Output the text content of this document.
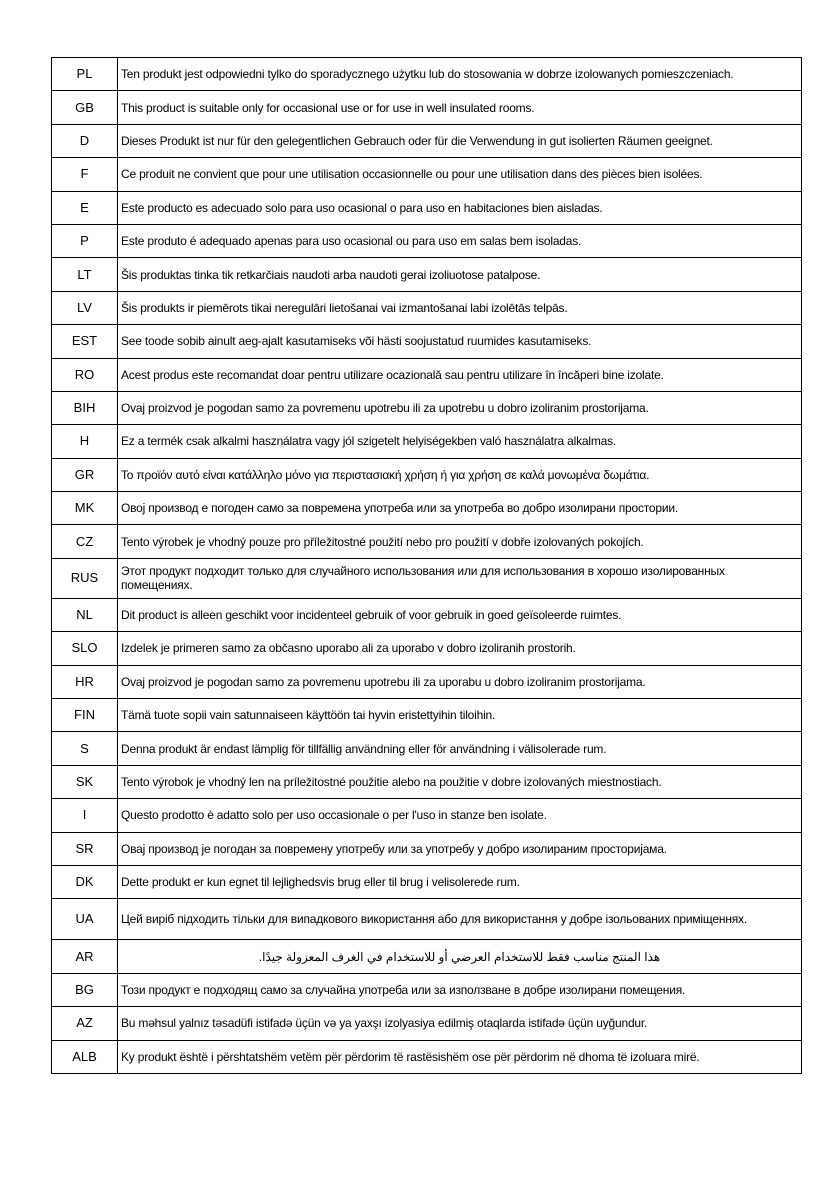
PL	Ten produkt jest odpowiedni tylko do sporadycznego użytku lub do stosowania w dobrze izolowanych pomieszczeniach.
GB	This product is suitable only for occasional use or for use in well insulated rooms.
D	Dieses Produkt ist nur für den gelegentlichen Gebrauch oder für die Verwendung in gut isolierten Räumen geeignet.
F	Ce produit ne convient que pour une utilisation occasionnelle ou pour une utilisation dans des pièces bien isolées.
E	Este producto es adecuado solo para uso ocasional o para uso en habitaciones bien aisladas.
P	Este produto é adequado apenas para uso ocasional ou para uso em salas bem isoladas.
LT	Šis produktas tinka tik retkarčiais naudoti arba naudoti gerai izoliuotose patalpose.
LV	Šis produkts ir piemērots tikai neregulāri lietošanai vai izmantošanai labi izolētās telpās.
EST	See toode sobib ainult aeg-ajalt kasutamiseks või hästi soojustatud ruumides kasutamiseks.
RO	Acest produs este recomandat doar pentru utilizare ocazională sau pentru utilizare în încăperi bine izolate.
BIH	Ovaj proizvod je pogodan samo za povremenu upotrebu ili za upotrebu u dobro izoliranim prostorijama.
H	Ez a termék csak alkalmi használatra vagy jól szigetelt helyiségekben való használatra alkalmas.
GR	Το προϊόν αυτό είναι κατάλληλο μόνο για περιστασιακή χρήση ή για χρήση σε καλά μονωμένα δωμάτια.
MK	Овој производ е погоден само за повремена употреба или за употреба во добро изолирани простории.
CZ	Tento výrobek je vhodný pouze pro příležitostné použití nebo pro použití v dobře izolovaných pokojích.
RUS	Этот продукт подходит только для случайного использования или для использования в хорошо изолированных помещениях.
NL	Dit product is alleen geschikt voor incidenteel gebruik of voor gebruik in goed geïsoleerde ruimtes.
SLO	Izdelek je primeren samo za občasno uporabo ali za uporabo v dobro izoliranih prostorih.
HR	Ovaj proizvod je pogodan samo za povremenu upotrebu ili za uporabu u dobro izoliranim prostorijama.
FIN	Tämä tuote sopii vain satunnaiseen käyttöön tai hyvin eristettyihin tiloihin.
S	Denna produkt är endast lämplig för tillfällig användning eller för användning i välisolerade rum.
SK	Tento výrobok je vhodný len na príležitostné použitie alebo na použitie v dobre izolovaných miestnostiach.
I	Questo prodotto è adatto solo per uso occasionale o per l'uso in stanze ben isolate.
SR	Овај производ је погодан за повремену употребу или за употребу у добро изолираним просторијама.
DK	Dette produkt er kun egnet til lejlighedsvis brug eller til brug i velisolerede rum.
UA	Цей виріб підходить тільки для випадкового використання або для використання у добре ізольованих приміщеннях.
AR	هذا المنتج مناسب فقط للاستخدام العرضي أو للاستخدام في الغرف المعزولة جيدًا.
BG	Този продукт е подходящ само за случайна употреба или за използване в добре изолирани помещения.
AZ	Bu məhsul yalnız təsadüfi istifadə üçün və ya yaxşı izolyasiya edilmiş otaqlarda istifadə üçün uyğundur.
ALB	Ky produkt është i përshtatshëm vetëm për përdorim të rastësishëm ose për përdorim në dhoma të izoluara mirë.
